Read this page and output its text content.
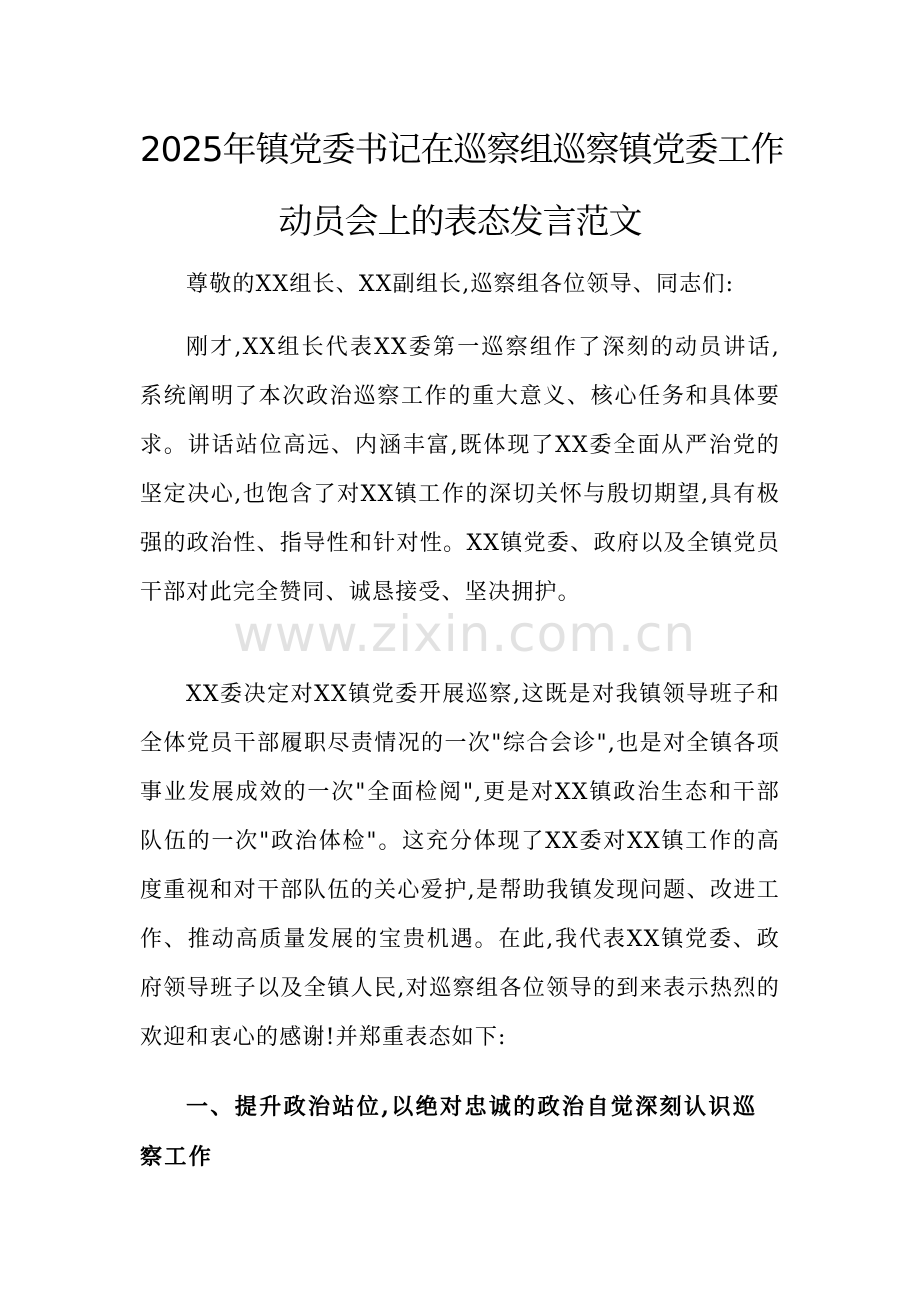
2025年镇党委书记在巡察组巡察镇党委工作
动员会上的表态发言范文
尊敬的XX组长、XX副组长,巡察组各位领导、同志们:
刚才,XX组长代表XX委第一巡察组作了深刻的动员讲话,系统阐明了本次政治巡察工作的重大意义、核心任务和具体要求。讲话站位高远、内涵丰富,既体现了XX委全面从严治党的坚定决心,也饱含了对XX镇工作的深切关怀与殷切期望,具有极强的政治性、指导性和针对性。XX镇党委、政府以及全镇党员干部对此完全赞同、诚恳接受、坚决拥护。
XX委决定对XX镇党委开展巡察,这既是对我镇领导班子和全体党员干部履职尽责情况的一次"综合会诊",也是对全镇各项事业发展成效的一次"全面检阅",更是对XX镇政治生态和干部队伍的一次"政治体检"。这充分体现了XX委对XX镇工作的高度重视和对干部队伍的关心爱护,是帮助我镇发现问题、改进工作、推动高质量发展的宝贵机遇。在此,我代表XX镇党委、政府领导班子以及全镇人民,对巡察组各位领导的到来表示热烈的欢迎和衷心的感谢!并郑重表态如下:
一、提升政治站位,以绝对忠诚的政治自觉深刻认识巡察工作
www.zixin.com.cn
